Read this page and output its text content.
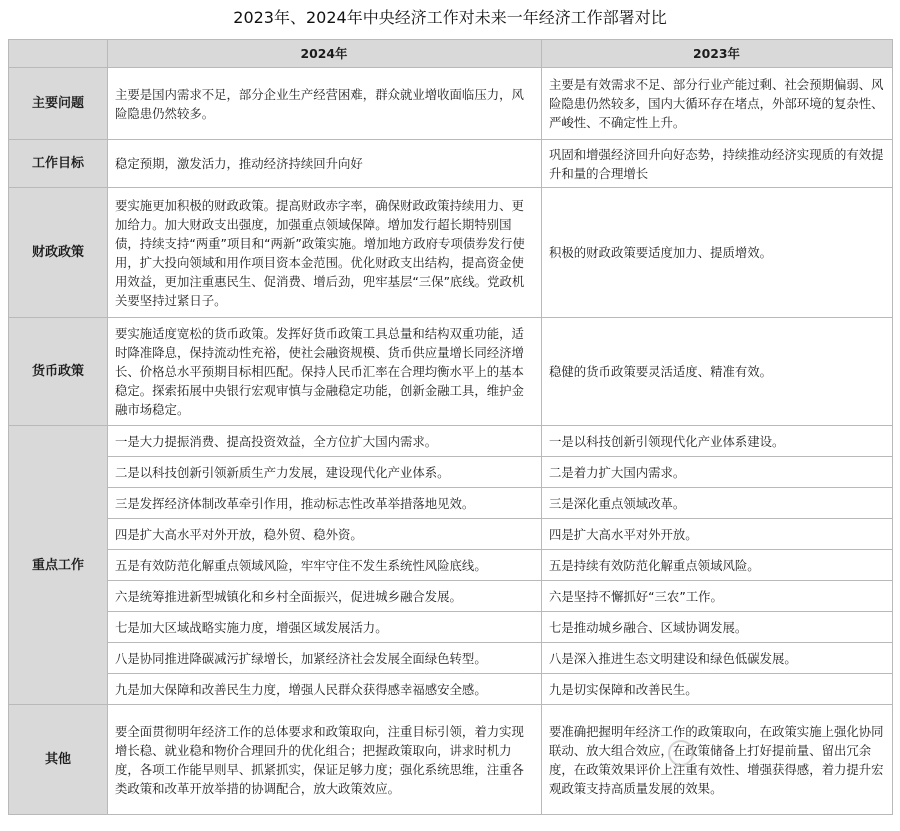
2023年、2024年中央经济工作对未来一年经济工作部署对比
	2024年	2023年
主要问题	主要是国内需求不足，部分企业生产经营困难，群众就业增收面临压力，风险隐患仍然较多。	主要是有效需求不足、部分行业产能过剩、社会预期偏弱、风险隐患仍然较多，国内大循环存在堵点，外部环境的复杂性、严峻性、不确定性上升。
工作目标	稳定预期，激发活力，推动经济持续回升向好	巩固和增强经济回升向好态势，持续推动经济实现质的有效提升和量的合理增长
财政政策	要实施更加积极的财政政策。提高财政赤字率，确保财政政策持续用力、更加给力。加大财政支出强度，加强重点领域保障。增加发行超长期特别国债，持续支持“两重”项目和“两新”政策实施。增加地方政府专项债券发行使用，扩大投向领域和用作项目资本金范围。优化财政支出结构，提高资金使用效益，更加注重惠民生、促消费、增后劲，兜牢基层“三保”底线。党政机关要坚持过紧日子。	积极的财政政策要适度加力、提质增效。
货币政策	要实施适度宽松的货币政策。发挥好货币政策工具总量和结构双重功能，适时降准降息，保持流动性充裕，使社会融资规模、货币供应量增长同经济增长、价格总水平预期目标相匹配。保持人民币汇率在合理均衡水平上的基本稳定。探索拓展中央银行宏观审慎与金融稳定功能，创新金融工具，维护金融市场稳定。	稳健的货币政策要灵活适度、精准有效。
重点工作	一是大力提振消费、提高投资效益，全方位扩大国内需求。	一是以科技创新引领现代化产业体系建设。
	二是以科技创新引领新质生产力发展，建设现代化产业体系。	二是着力扩大国内需求。
	三是发挥经济体制改革牵引作用，推动标志性改革举措落地见效。	三是深化重点领域改革。
	四是扩大高水平对外开放，稳外贸、稳外资。	四是扩大高水平对外开放。
	五是有效防范化解重点领域风险，牢牢守住不发生系统性风险底线。	五是持续有效防范化解重点领域风险。
	六是统筹推进新型城镇化和乡村全面振兴，促进城乡融合发展。	六是坚持不懈抓好“三农”工作。
	七是加大区域战略实施力度，增强区域发展活力。	七是推动城乡融合、区域协调发展。
	八是协同推进降碳减污扩绿增长，加紧经济社会发展全面绿色转型。	八是深入推进生态文明建设和绿色低碳发展。
	九是加大保障和改善民生力度，增强人民群众获得感幸福感安全感。	九是切实保障和改善民生。
其他	要全面贯彻明年经济工作的总体要求和政策取向，注重目标引领，着力实现增长稳、就业稳和物价合理回升的优化组合；把握政策取向，讲求时机力度，各项工作能早则早、抓紧抓实，保证足够力度；强化系统思维，注重各类政策和改革开放举措的协调配合，放大政策效应。	要准确把握明年经济工作的政策取向，在政策实施上强化协同联动、放大组合效应，在政策储备上打好提前量、留出冗余度，在政策效果评价上注重有效性、增强获得感，着力提升宏观政策支持高质量发展的效果。
